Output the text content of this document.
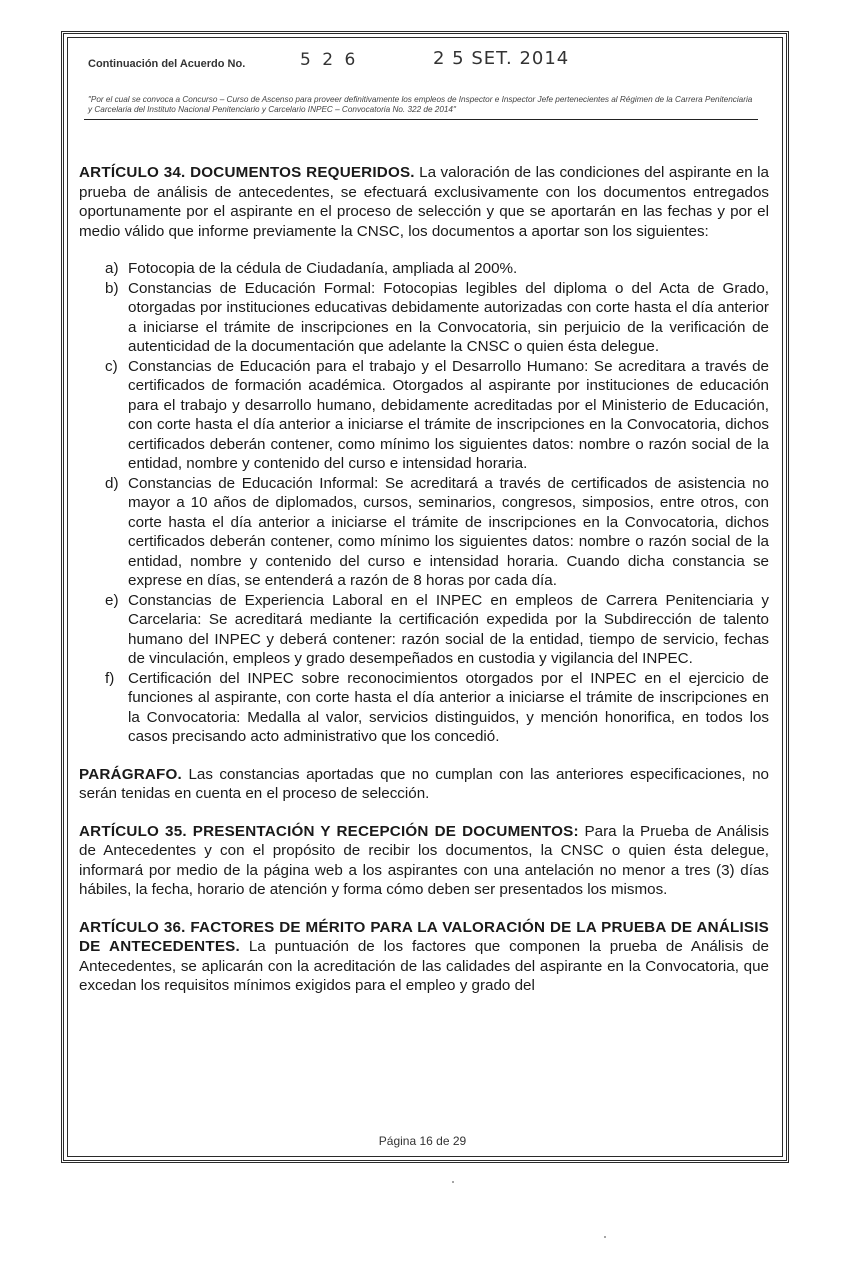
Continuación del Acuerdo No.	5 2 6	2 5 SET. 2014
"Por el cual se convoca a Concurso – Curso de Ascenso para proveer definitivamente los empleos de Inspector e Inspector Jefe pertenecientes al Régimen de la Carrera Penitenciaria y Carcelaria del Instituto Nacional Penitenciario y Carcelario INPEC – Convocatoria No. 322 de 2014"

ARTÍCULO 34. DOCUMENTOS REQUERIDOS. La valoración de las condiciones del aspirante en la prueba de análisis de antecedentes, se efectuará exclusivamente con los documentos entregados oportunamente por el aspirante en el proceso de selección y que se aportarán en las fechas y por el medio válido que informe previamente la CNSC, los documentos a aportar son los siguientes:

a) Fotocopia de la cédula de Ciudadanía, ampliada al 200%.
b) Constancias de Educación Formal: Fotocopias legibles del diploma o del Acta de Grado, otorgadas por instituciones educativas debidamente autorizadas con corte hasta el día anterior a iniciarse el trámite de inscripciones en la Convocatoria, sin perjuicio de la verificación de autenticidad de la documentación que adelante la CNSC o quien ésta delegue.
c) Constancias de Educación para el trabajo y el Desarrollo Humano: Se acreditara a través de certificados de formación académica. Otorgados al aspirante por instituciones de educación para el trabajo y desarrollo humano, debidamente acreditadas por el Ministerio de Educación, con corte hasta el día anterior a iniciarse el trámite de inscripciones en la Convocatoria, dichos certificados deberán contener, como mínimo los siguientes datos: nombre o razón social de la entidad, nombre y contenido del curso e intensidad horaria.
d) Constancias de Educación Informal: Se acreditará a través de certificados de asistencia no mayor a 10 años de diplomados, cursos, seminarios, congresos, simposios, entre otros, con corte hasta el día anterior a iniciarse el trámite de inscripciones en la Convocatoria, dichos certificados deberán contener, como mínimo los siguientes datos: nombre o razón social de la entidad, nombre y contenido del curso e intensidad horaria. Cuando dicha constancia se exprese en días, se entenderá a razón de 8 horas por cada día.
e) Constancias de Experiencia Laboral en el INPEC en empleos de Carrera Penitenciaria y Carcelaria: Se acreditará mediante la certificación expedida por la Subdirección de talento humano del INPEC y deberá contener: razón social de la entidad, tiempo de servicio, fechas de vinculación, empleos y grado desempeñados en custodia y vigilancia del INPEC.
f) Certificación del INPEC sobre reconocimientos otorgados por el INPEC en el ejercicio de funciones al aspirante, con corte hasta el día anterior a iniciarse el trámite de inscripciones en la Convocatoria: Medalla al valor, servicios distinguidos, y mención honorifica, en todos los casos precisando acto administrativo que los concedió.

PARÁGRAFO. Las constancias aportadas que no cumplan con las anteriores especificaciones, no serán tenidas en cuenta en el proceso de selección.

ARTÍCULO 35. PRESENTACIÓN Y RECEPCIÓN DE DOCUMENTOS: Para la Prueba de Análisis de Antecedentes y con el propósito de recibir los documentos, la CNSC o quien ésta delegue, informará por medio de la página web a los aspirantes con una antelación no menor a tres (3) días hábiles, la fecha, horario de atención y forma cómo deben ser presentados los mismos.

ARTÍCULO 36. FACTORES DE MÉRITO PARA LA VALORACIÓN DE LA PRUEBA DE ANÁLISIS DE ANTECEDENTES. La puntuación de los factores que componen la prueba de Análisis de Antecedentes, se aplicarán con la acreditación de las calidades del aspirante en la Convocatoria, que excedan los requisitos mínimos exigidos para el empleo y grado del

Página 16 de 29
